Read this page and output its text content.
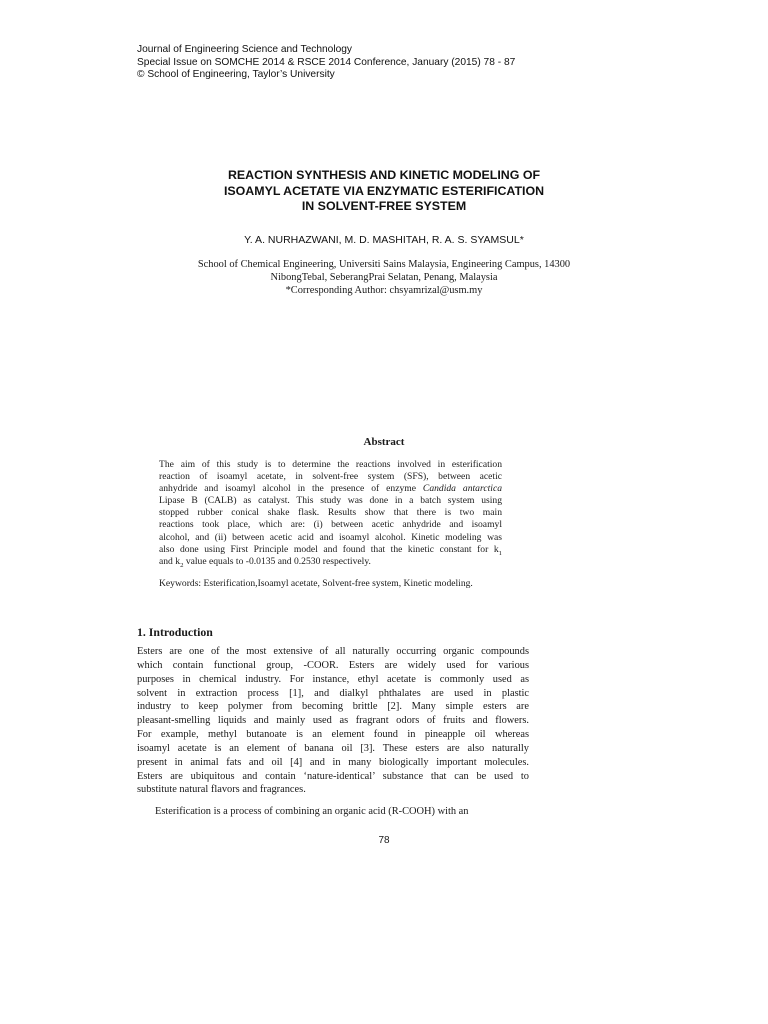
Journal of Engineering Science and Technology
Special Issue on SOMCHE 2014 & RSCE 2014 Conference, January (2015) 78 - 87
© School of Engineering, Taylor’s University
REACTION SYNTHESIS AND KINETIC MODELING OF
ISOAMYL ACETATE VIA ENZYMATIC ESTERIFICATION
IN SOLVENT-FREE SYSTEM
Y. A. NURHAZWANI, M. D. MASHITAH, R. A. S. SYAMSUL*
School of Chemical Engineering, Universiti Sains Malaysia, Engineering Campus, 14300
NibongTebal, SeberangPrai Selatan, Penang, Malaysia
*Corresponding Author: chsyamrizal@usm.my
Abstract
The aim of this study is to determine the reactions involved in esterification
reaction of isoamyl acetate, in solvent-free system (SFS), between acetic
anhydride and isoamyl alcohol in the presence of enzyme Candida antarctica
Lipase B (CALB) as catalyst. This study was done in a batch system using
stopped rubber conical shake flask. Results show that there is two main
reactions took place, which are: (i) between acetic anhydride and isoamyl
alcohol, and (ii) between acetic acid and isoamyl alcohol. Kinetic modeling was
also done using First Principle model and found that the kinetic constant for $k_1$
and $k_2$ value equals to -0.0135 and 0.2530 respectively.
Keywords: Esterification,Isoamyl acetate, Solvent-free system, Kinetic modeling.
1. Introduction
Esters are one of the most extensive of all naturally occurring organic compounds
which contain functional group, -COOR. Esters are widely used for various
purposes in chemical industry. For instance, ethyl acetate is commonly used as
solvent in extraction process [1], and dialkyl phthalates are used in plastic
industry to keep polymer from becoming brittle [2]. Many simple esters are
pleasant-smelling liquids and mainly used as fragrant odors of fruits and flowers.
For example, methyl butanoate is an element found in pineapple oil whereas
isoamyl acetate is an element of banana oil [3]. These esters are also naturally
present in animal fats and oil [4] and in many biologically important molecules.
Esters are ubiquitous and contain ‘nature-identical’ substance that can be used to
substitute natural flavors and fragrances.
Esterification is a process of combining an organic acid (R-COOH) with an
78
